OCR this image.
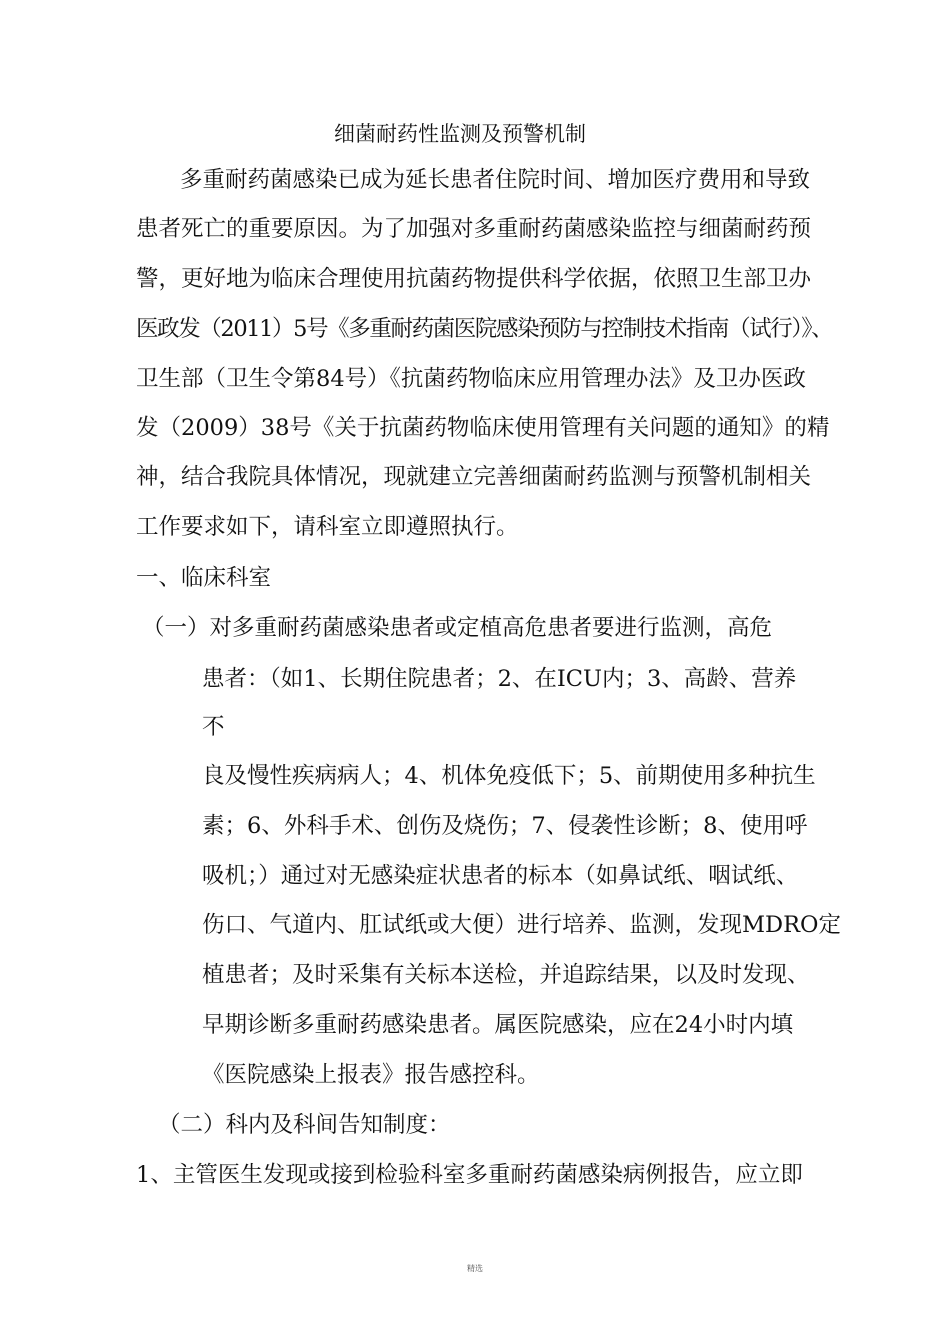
细菌耐药性监测及预警机制
多重耐药菌感染已成为延长患者住院时间、增加医疗费用和导致
患者死亡的重要原因。为了加强对多重耐药菌感染监控与细菌耐药预
警，更好地为临床合理使用抗菌药物提供科学依据，依照卫生部卫办
医政发（2011）5号《多重耐药菌医院感染预防与控制技术指南（试行）》、
卫生部（卫生令第84号）《抗菌药物临床应用管理办法》及卫办医政
发（2009）38号《关于抗菌药物临床使用管理有关问题的通知》的精
神，结合我院具体情况，现就建立完善细菌耐药监测与预警机制相关
工作要求如下，请科室立即遵照执行。
一、临床科室
（一）对多重耐药菌感染患者或定植高危患者要进行监测，高危
患者：（如1、长期住院患者；2、在ICU内；3、高龄、营养
不
良及慢性疾病病人；4、机体免疫低下；5、前期使用多种抗生
素；6、外科手术、创伤及烧伤；7、侵袭性诊断；8、使用呼
吸机；）通过对无感染症状患者的标本（如鼻试纸、咽试纸、
伤口、气道内、肛试纸或大便）进行培养、监测，发现MDRO定
植患者；及时采集有关标本送检，并追踪结果，以及时发现、
早期诊断多重耐药感染患者。属医院感染，应在24小时内填
《医院感染上报表》报告感控科。
（二）科内及科间告知制度：
1、主管医生发现或接到检验科室多重耐药菌感染病例报告，应立即
精选
